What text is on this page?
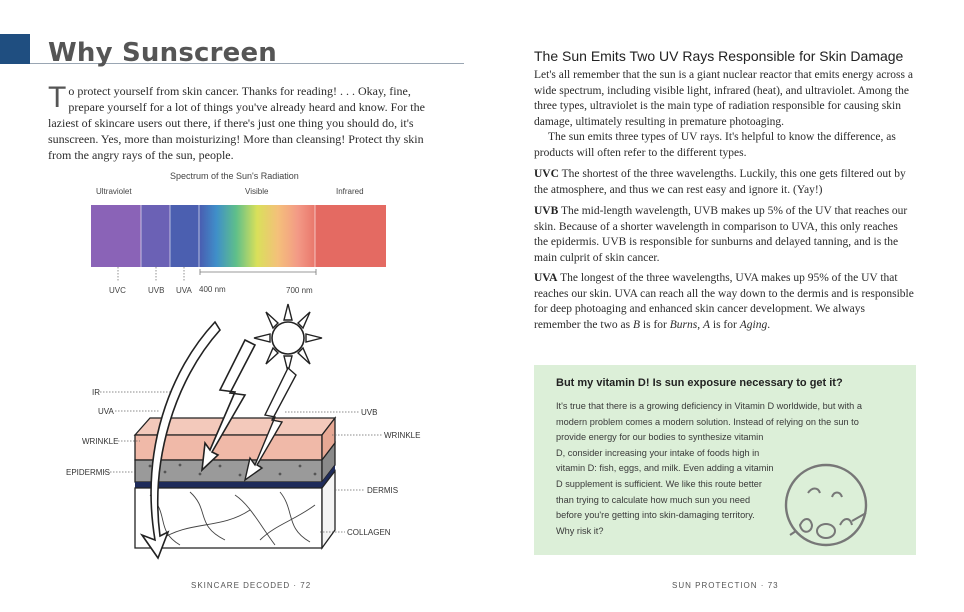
Why Sunscreen
To protect yourself from skin cancer. Thanks for reading! . . . Okay, fine, prepare yourself for a lot of things you've already heard and know. For the laziest of skincare users out there, if there's just one thing you should do, it's sunscreen. Yes, more than moisturizing! More than cleansing! Protect thy skin from the angry rays of the sun, people.
Spectrum of the Sun's Radiation
Ultraviolet	Visible	Infrared
UVC	UVB UVA 400 nm	700 nm
IR
UVA
WRINKLE
EPIDERMIS
UVB
WRINKLE
DERMIS
COLLAGEN
SKINCARE DECODED · 72
The Sun Emits Two UV Rays Responsible for Skin Damage
Let's all remember that the sun is a giant nuclear reactor that emits energy across a wide spectrum, including visible light, infrared (heat), and ultraviolet. Among the three types, ultraviolet is the main type of radiation responsible for causing skin damage, ultimately resulting in premature photoaging.
The sun emits three types of UV rays. It's helpful to know the difference, as products will often refer to the different types.
UVC The shortest of the three wavelengths. Luckily, this one gets filtered out by the atmosphere, and thus we can rest easy and ignore it. (Yay!)
UVB The mid-length wavelength, UVB makes up 5% of the UV that reaches our skin. Because of a shorter wavelength in comparison to UVA, this only reaches the epidermis. UVB is responsible for sunburns and delayed tanning, and is the main culprit of skin cancer.
UVA The longest of the three wavelengths, UVA makes up 95% of the UV that reaches our skin. UVA can reach all the way down to the dermis and is responsible for deep photoaging and enhanced skin cancer development. We always remember the two as B is for Burns, A is for Aging.
But my vitamin D! Is sun exposure necessary to get it?
It's true that there is a growing deficiency in Vitamin D worldwide, but with a
modern problem comes a modern solution. Instead of relying on the sun to
provide energy for our bodies to synthesize vitamin
D, consider increasing your intake of foods high in
vitamin D: fish, eggs, and milk. Even adding a vitamin
D supplement is sufficient. We like this route better
than trying to calculate how much sun you need
before you're getting into skin-damaging territory.
Why risk it?
SUN PROTECTION · 73
